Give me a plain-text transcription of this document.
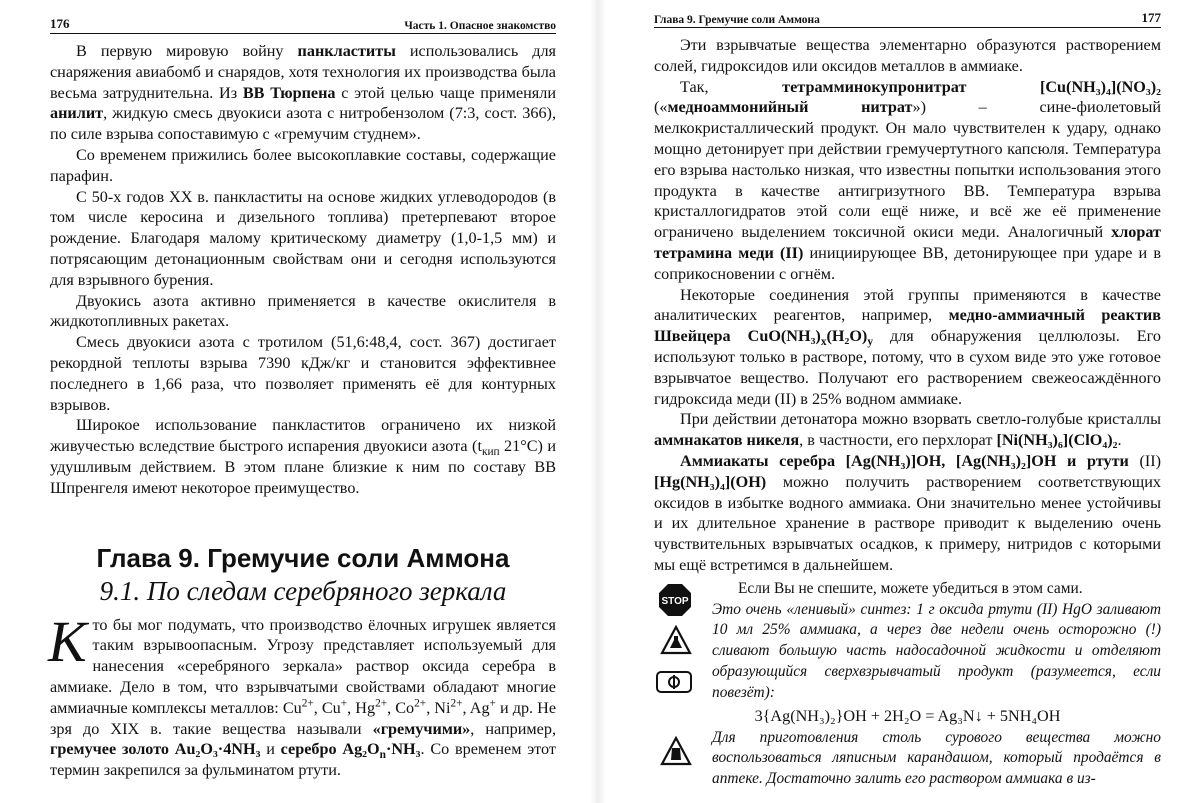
176	Часть 1. Опасное знакомство

В первую мировую войну панкластиты использовались для снаряжения авиабомб и снарядов, хотя технология их производства была весьма затруднительна. Из ВВ Тюрпена с этой целью чаще применяли анилит, жидкую смесь двуокиси азота с нитробензолом (7:3, сост. 366), по силе взрыва сопоставимую с «гремучим студнем».

Со временем прижились более высокоплавкие составы, содержащие парафин.

С 50-х годов XX в. панкластиты на основе жидких углеводородов (в том числе керосина и дизельного топлива) претерпевают второе рождение. Благодаря малому критическому диаметру (1,0-1,5 мм) и потрясающим детонационным свойствам они и сегодня используются для взрывного бурения.

Двуокись азота активно применяется в качестве окислителя в жидкотопливных ракетах.

Смесь двуокиси азота с тротилом (51,6:48,4, сост. 367) достигает рекордной теплоты взрыва 7390 кДж/кг и становится эффективнее последнего в 1,66 раза, что позволяет применять её для контурных взрывов.

Широкое использование панкластитов ограничено их низкой живучестью вследствие быстрого испарения двуокиси азота ($t_{кип}$ 21°C) и удушливым действием. В этом плане близкие к ним по составу ВВ Шпренгеля имеют некоторое преимущество.

Глава 9. Гремучие соли Аммона
9.1. По следам серебряного зеркала

Кто бы мог подумать, что производство ёлочных игрушек является таким взрывоопасным. Угрозу представляет используемый для нанесения «серебряного зеркала» раствор оксида серебра в аммиаке. Дело в том, что взрывчатыми свойствами обладают многие аммиачные комплексы металлов: $Cu^{2+}$, Cu+, $Hg^{2+}$, $Co^{2+}$, $Ni^{2+}$, Ag+ и др. Не зря до XIX в. такие вещества называли «гремучими», например, гремучее золото Au₂O₃·4NH₃ и серебро $Ag_2O_n\cdot NH_3$. Со временем этот термин закрепился за фульминатом ртути.

Глава 9. Гремучие соли Аммона	177

Эти взрывчатые вещества элементарно образуются растворением солей, гидроксидов или оксидов металлов в аммиаке.

Так, тетрамминокупронитрат [Cu(NH₃)₄](NO₃)₂ («медноаммонийный нитрат») – сине-фиолетовый мелкокристаллический продукт. Он мало чувствителен к удару, однако мощно детонирует при действии гремучертутного капсюля. Температура его взрыва настолько низкая, что известны попытки использования этого продукта в качестве антигризутного ВВ. Температура взрыва кристаллогидратов этой соли ещё ниже, и всё же её применение ограничено выделением токсичной окиси меди. Аналогичный хлорат тетрамина меди (II) инициирующее ВВ, детонирующее при ударе и в соприкосновении с огнём.

Некоторые соединения этой группы применяются в качестве аналитических реагентов, например, медно-аммиачный реактив Швейцера $CuO(NH_3)_x(H_2O)_y$ для обнаружения целлюлозы. Его используют только в растворе, потому, что в сухом виде это уже готовое взрывчатое вещество. Получают его растворением свежеосаждённого гидроксида меди (II) в 25% водном аммиаке.

При действии детонатора можно взорвать светло-голубые кристаллы аммнакатов никеля, в частности, его перхлорат [Ni(NH₃)₆](ClO₄)₂.

Аммиакаты серебра [Ag(NH₃)]OH, [Ag(NH₃)₂]OH и ртути (II) [Hg(NH₃)₄](OH) можно получить растворением соответствующих оксидов в избытке водного аммиака. Они значительно менее устойчивы и их длительное хранение в растворе приводит к выделению очень чувствительных взрывчатых осадков, к примеру, нитридов с которыми мы ещё встретимся в дальнейшем.

STOP

Если Вы не спешите, можете убедиться в этом сами.

Это очень «ленивый» синтез: 1 г оксида ртути (II) HgO заливают 10 мл 25% аммиака, а через две недели очень осторожно (!) сливают большую часть надосадочной жидкости и отделяют образующийся сверхвзрывчатый продукт (разумеется, если повезёт):

3{Ag(NH₃)₂}OH + 2H₂O = Ag₃N↓ + 5NH₄OH

Для приготовления столь сурового вещества можно воспользоваться ляписным карандашом, который продаётся в аптеке. Достаточно залить его раствором аммиака в из-
